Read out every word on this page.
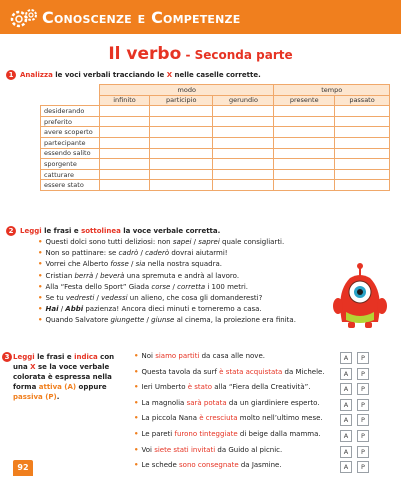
Conoscenze e Competenze
Il verbo - Seconda parte
1 Analizza le voci verbali tracciando le X nelle caselle corrette.
	modo			tempo	
	infinito	participio	gerundio	presente	passato
desiderando					
preferito					
avere scoperto					
partecipante					
essendo salito					
sporgente					
catturare					
essere stato					
2 Leggi le frasi e sottolinea la voce verbale corretta.
• Questi dolci sono tutti deliziosi: non sapei / saprei quale consigliarti.
• Non so pattinare: se cadrò / caderò dovrai aiutarmi!
• Vorrei che Alberto fosse / sia nella nostra squadra.
• Cristian berrà / beverà una spremuta e andrà al lavoro.
• Alla “Festa dello Sport” Giada corse / corretta i 100 metri.
• Se tu vedresti / vedessi un alieno, che cosa gli domanderesti?
• Hai / Abbi pazienza! Ancora dieci minuti e torneremo a casa.
• Quando Salvatore giungette / giunse al cinema, la proiezione era finita.
3 Leggi le frasi e indica con una X se la voce verbale colorata è espressa nella forma attiva (A) oppure passiva (P).
• Noi siamo partiti da casa alle nove.
• Questa tavola da surf è stata acquistata da Michele.
• Ieri Umberto è stato alla “Fiera della Creatività”.
• La magnolia sarà potata da un giardiniere esperto.
• La piccola Nana è cresciuta molto nell’ultimo mese.
• Le pareti furono tinteggiate di beige dalla mamma.
• Voi siete stati invitati da Guido al picnic.
• Le schede sono consegnate da Jasmine.
A	P
A	P
A	P
A	P
A	P
A	P
A	P
A	P
92
